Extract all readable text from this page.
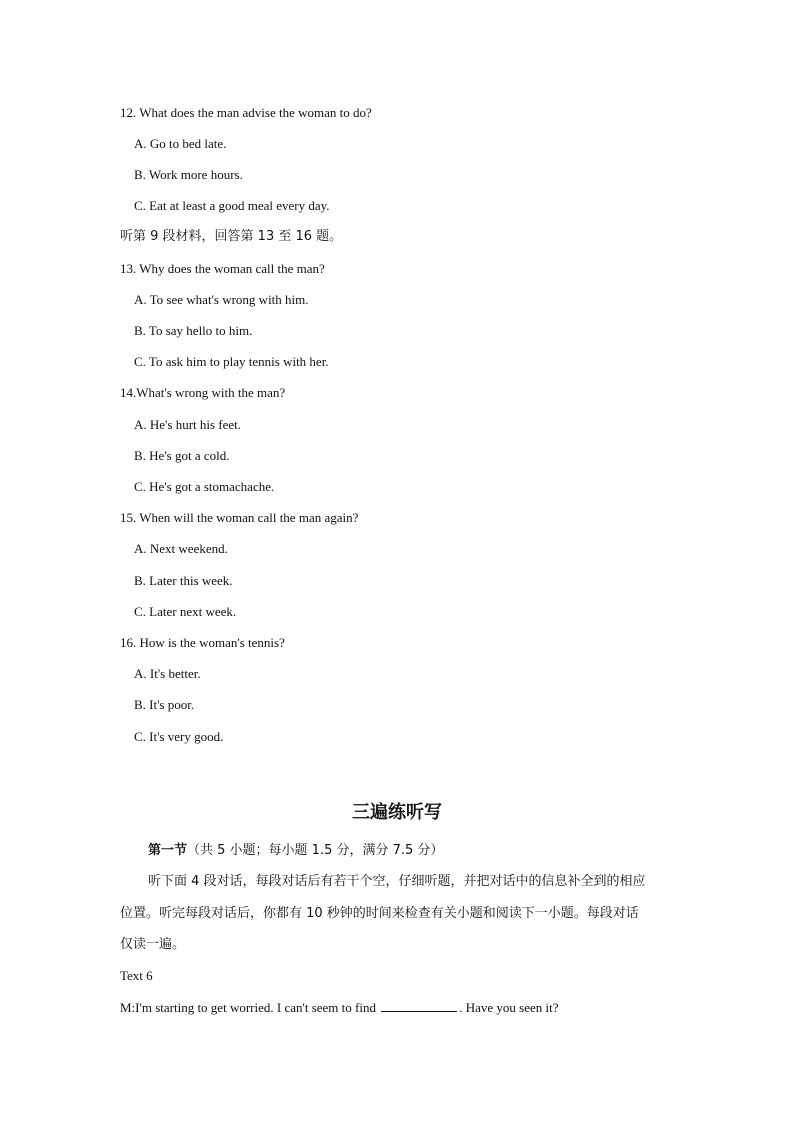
12. What does the man advise the woman to do?
A. Go to bed late.
B. Work more hours.
C. Eat at least a good meal every day.
听第 9 段材料，回答第 13 至 16 题。
13. Why does the woman call the man?
A. To see what's wrong with him.
B. To say hello to him.
C. To ask him to play tennis with her.
14.What's wrong with the man?
A. He's hurt his feet.
B. He's got a cold.
C. He's got a stomachache.
15. When will the woman call the man again?
A. Next weekend.
B. Later this week.
C. Later next week.
16. How is the woman's tennis?
A. It's better.
B. It's poor.
C. It's very good.
三遍练听写
第一节（共 5 小题；每小题 1.5 分，满分 7.5 分）
听下面 4 段对话，每段对话后有若干个空，仔细听题，并把对话中的信息补全到的相应
位置。听完每段对话后，你都有 10 秒钟的时间来检查有关小题和阅读下一小题。每段对话
仅读一遍。
Text 6
M:I'm starting to get worried. I can't seem to find	. Have you seen it?
